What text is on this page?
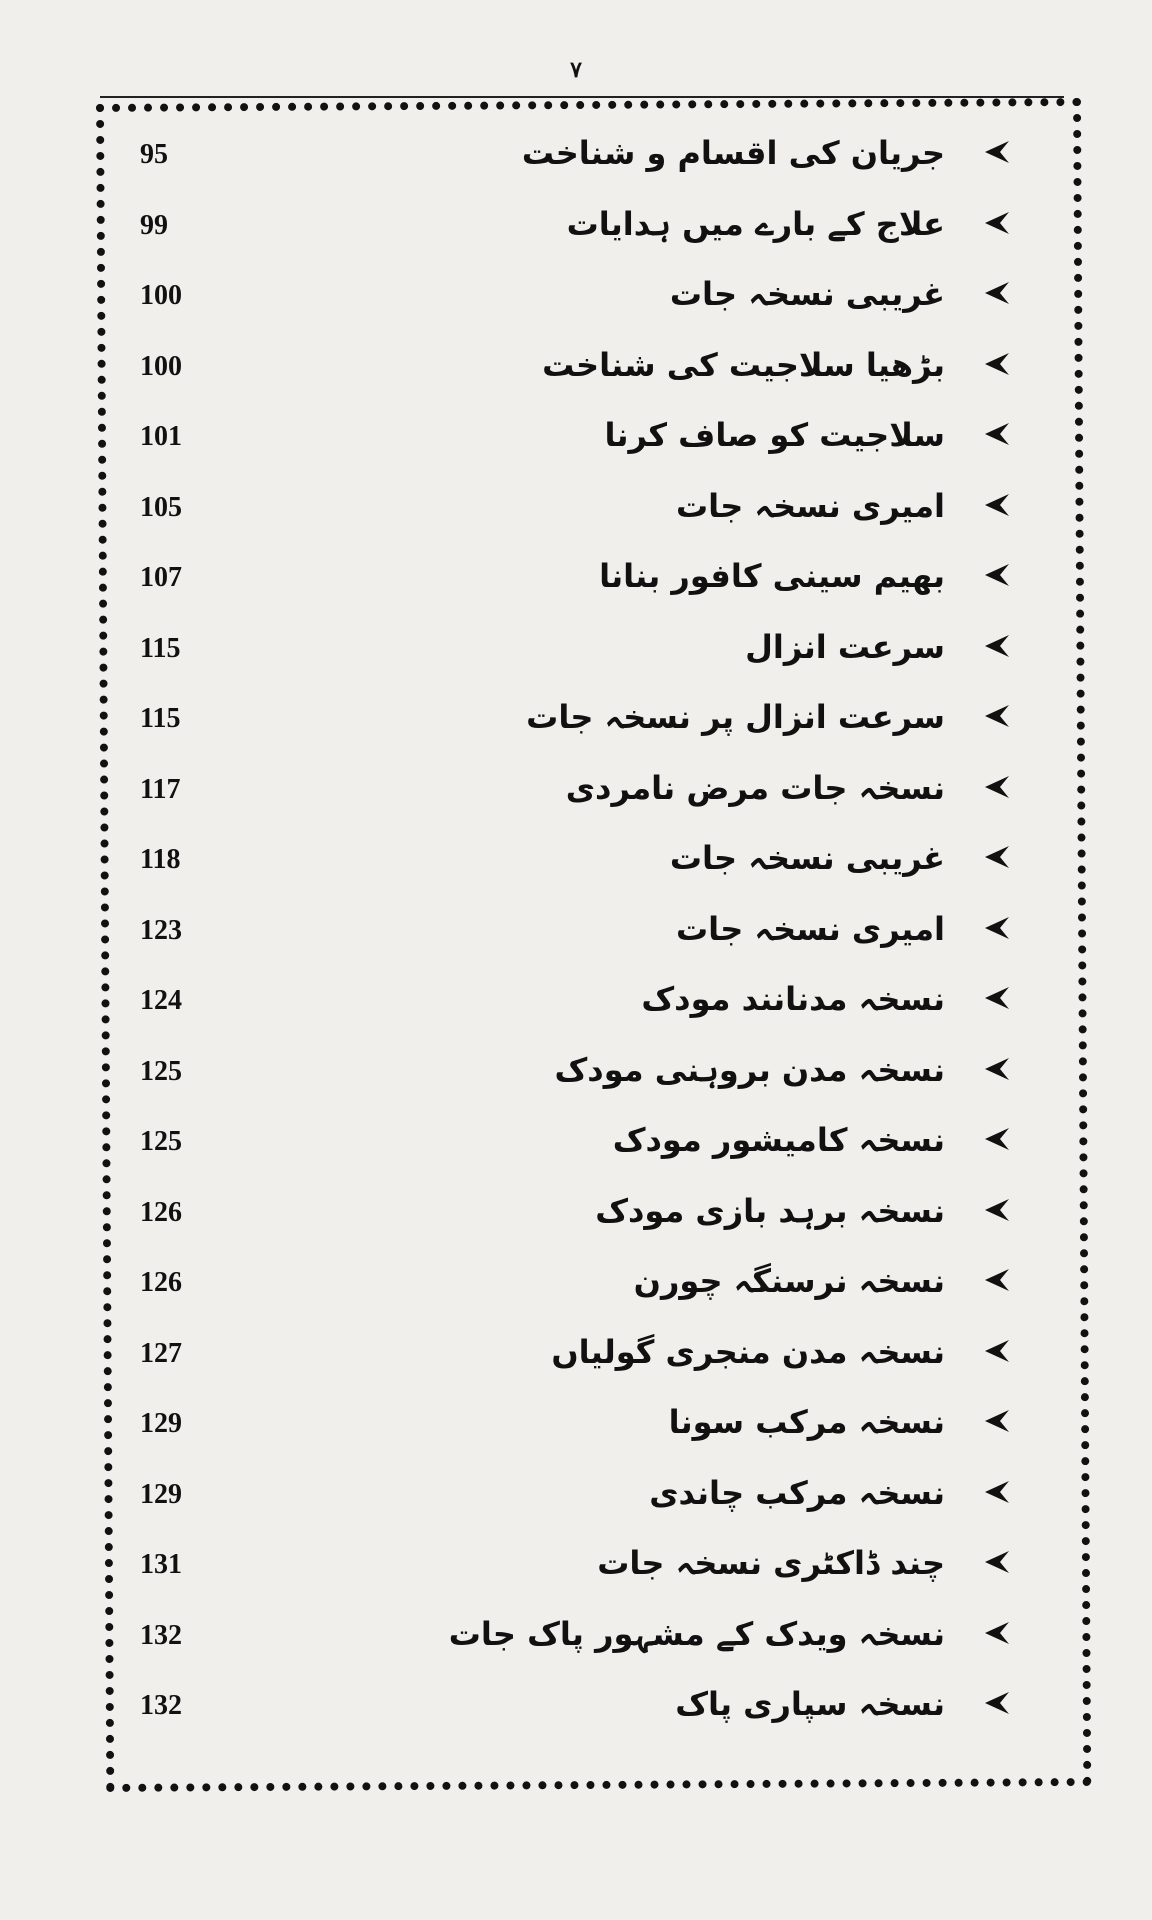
۷
95	جریان کی اقسام و شناخت
99	علاج کے بارے میں ہدایات
100	غریبی نسخہ جات
100	بڑھیا سلاجیت کی شناخت
101	سلاجیت کو صاف کرنا
105	امیری نسخہ جات
107	بھیم سینی کافور بنانا
115	سرعت انزال
115	سرعت انزال پر نسخہ جات
117	نسخہ جات مرض نامردی
118	غریبی نسخہ جات
123	امیری نسخہ جات
124	نسخہ مدنانند مودک
125	نسخہ مدن بروہنی مودک
125	نسخہ کامیشور مودک
126	نسخہ برہد بازی مودک
126	نسخہ نرسنگہ چورن
127	نسخہ مدن منجری گولیاں
129	نسخہ مرکب سونا
129	نسخہ مرکب چاندی
131	چند ڈاکٹری نسخہ جات
132	نسخہ ویدک کے مشہور پاک جات
132	نسخہ سپاری پاک
